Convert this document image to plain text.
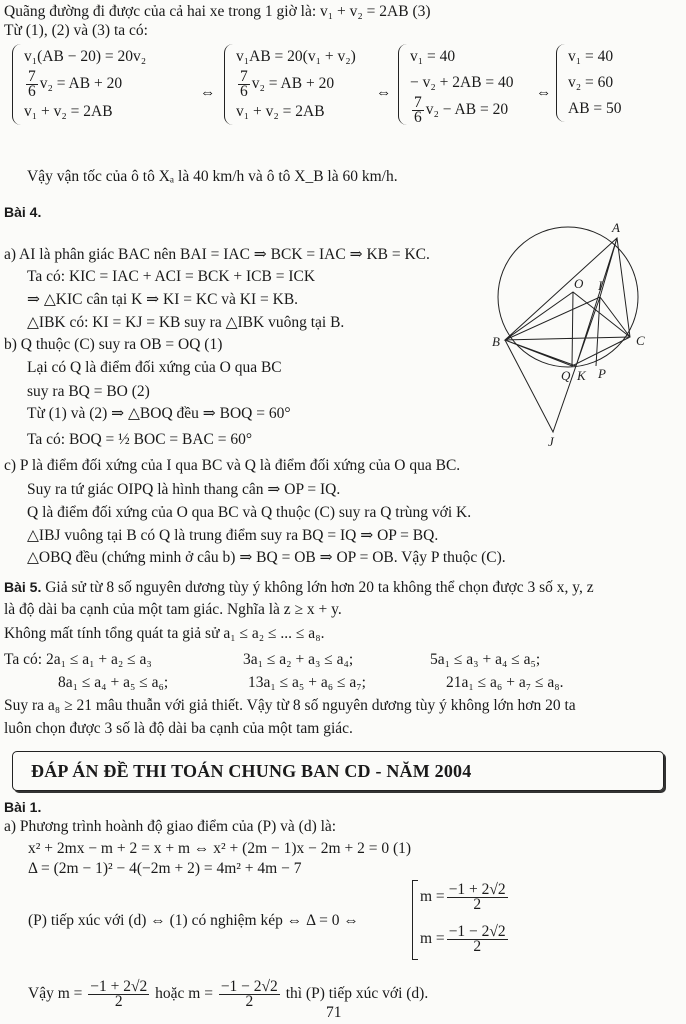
Quãng đường đi được của cả hai xe trong 1 giờ là: v₁ + v₂ = 2AB (3)
Từ (1), (2) và (3) ta có:
v₁(AB − 20) = 20v₂
$\frac{7}{6} v_2$ = AB + 20
v₁ + v₂ = 2AB
⇔
v₁AB = 20(v₁ + v₂)
$\frac{7}{6} v_2$ = AB + 20
v₁ + v₂ = 2AB
⇔
v₁ = 40
− v₂ + 2AB = 40
$\frac{7}{6} v_2$ − AB = 20
⇔
v₁ = 40
v₂ = 60
AB = 50
Vậy vận tốc của ô tô Xₐ là 40 km/h và ô tô X_B là 60 km/h.
Bài 4.
a) AI là phân giác BAC nên BAI = IAC ⇒ BCK = IAC ⇒ KB = KC.
Ta có: KIC = IAC + ACI = BCK + ICB = ICK
⇒ △KIC cân tại K ⇒ KI = KC và KI = KB.
△IBK có: KI = KJ = KB suy ra △IBK vuông tại B.
b) Q thuộc (C) suy ra OB = OQ (1)
Lại có Q là điểm đối xứng của O qua BC
suy ra BQ = BO (2)
Từ (1) và (2) ⇒ △BOQ đều ⇒ BOQ = 60°
Ta có: BOQ = ½ BOC = BAC = 60°
c) P là điểm đối xứng của I qua BC và Q là điểm đối xứng của O qua BC.
Suy ra tứ giác OIPQ là hình thang cân ⇒ OP = IQ.
Q là điểm đối xứng của O qua BC và Q thuộc (C) suy ra Q trùng với K.
△IBJ vuông tại B có Q là trung điểm suy ra BQ = IQ ⇒ OP = BQ.
△OBQ đều (chứng minh ở câu b) ⇒ BQ = OB ⇒ OP = OB. Vậy P thuộc (C).
A
B	C
O I
Q K P
J
Bài 5. Giả sử từ 8 số nguyên dương tùy ý không lớn hơn 20 ta không thể chọn được 3 số x, y, z
là độ dài ba cạnh của một tam giác. Nghĩa là z ≥ x + y.
Không mất tính tổng quát ta giả sử a₁ ≤ a₂ ≤ ... ≤ a₈.
Ta có: 2a₁ ≤ a₁ + a₂ ≤ a₃	3a₁ ≤ a₂ + a₃ ≤ a₄;	5a₁ ≤ a₃ + a₄ ≤ a₅;
8a₁ ≤ a₄ + a₅ ≤ a₆;	13a₁ ≤ a₅ + a₆ ≤ a₇;	21a₁ ≤ a₆ + a₇ ≤ a₈.
Suy ra a₈ ≥ 21 mâu thuẫn với giả thiết. Vậy từ 8 số nguyên dương tùy ý không lớn hơn 20 ta
luôn chọn được 3 số là độ dài ba cạnh của một tam giác.
ĐÁP ÁN ĐỀ THI TOÁN CHUNG BAN CD - NĂM 2004
Bài 1.
a) Phương trình hoành độ giao điểm của (P) và (d) là:
x² + 2mx − m + 2 = x + m ⇔ x² + (2m − 1)x − 2m + 2 = 0 (1)
Δ = (2m − 1)² − 4(−2m + 2) = 4m² + 4m − 7
(P) tiếp xúc với (d) ⇔ (1) có nghiệm kép ⇔ Δ = 0 ⇔
$m = \frac{-1 + 2√2}{2}$
$m = \frac{-1 - 2√2}{2}$
Vậy $m = \frac{-1 + 2√2}{2}$ hoặc $m = \frac{-1 - 2√2}{2}$ thì (P) tiếp xúc với (d).
71
